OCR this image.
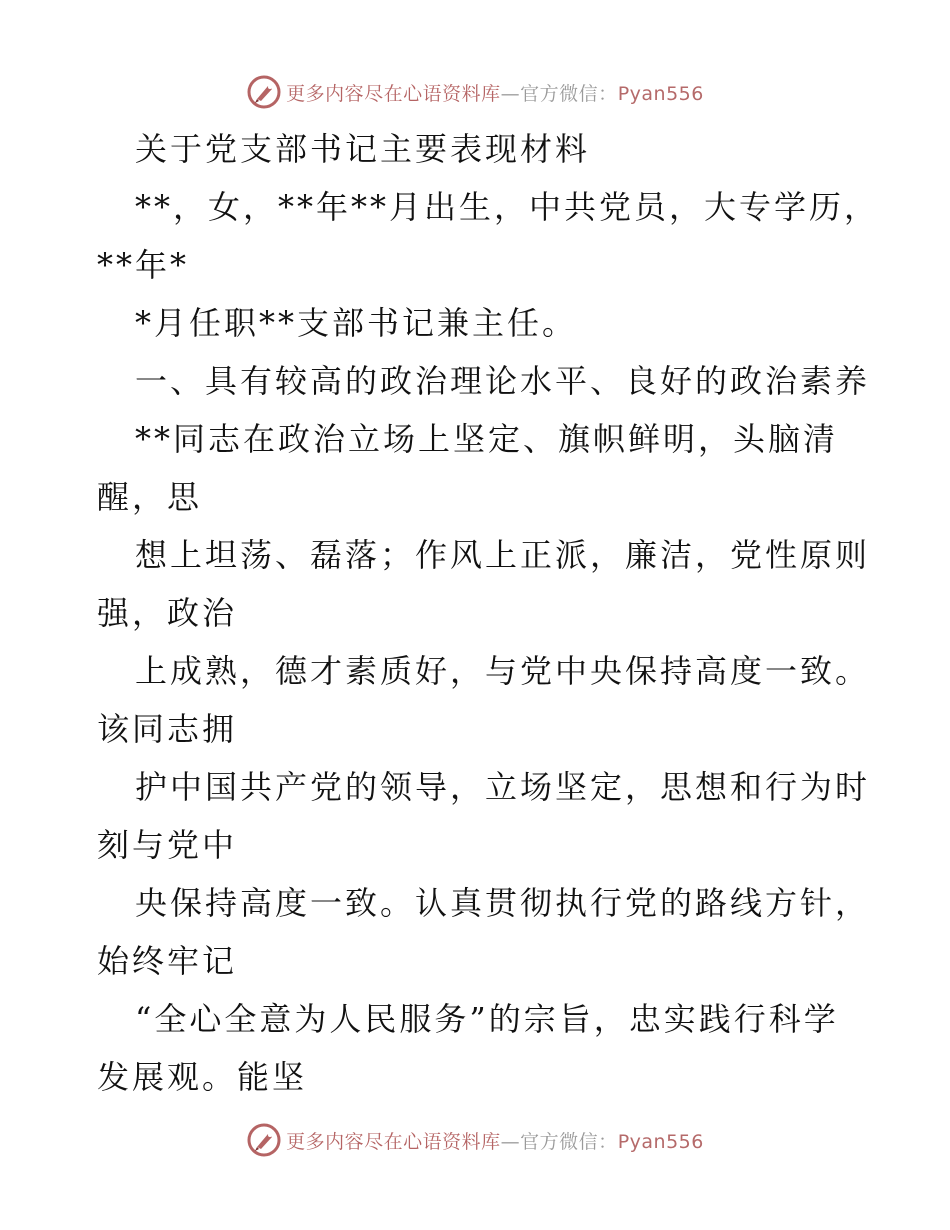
更多内容尽在心语资料库—官方微信：Pyan556
关于党支部书记主要表现材料
**，女，**年**月出生，中共党员，大专学历，
**年*
*月任职**支部书记兼主任。
一、具有较高的政治理论水平、良好的政治素养
**同志在政治立场上坚定、旗帜鲜明，头脑清
醒，思
想上坦荡、磊落；作风上正派，廉洁，党性原则
强，政治
上成熟，德才素质好，与党中央保持高度一致。
该同志拥
护中国共产党的领导，立场坚定，思想和行为时
刻与党中
央保持高度一致。认真贯彻执行党的路线方针，
始终牢记
“全心全意为人民服务”的宗旨，忠实践行科学
发展观。能坚
更多内容尽在心语资料库—官方微信：Pyan556
